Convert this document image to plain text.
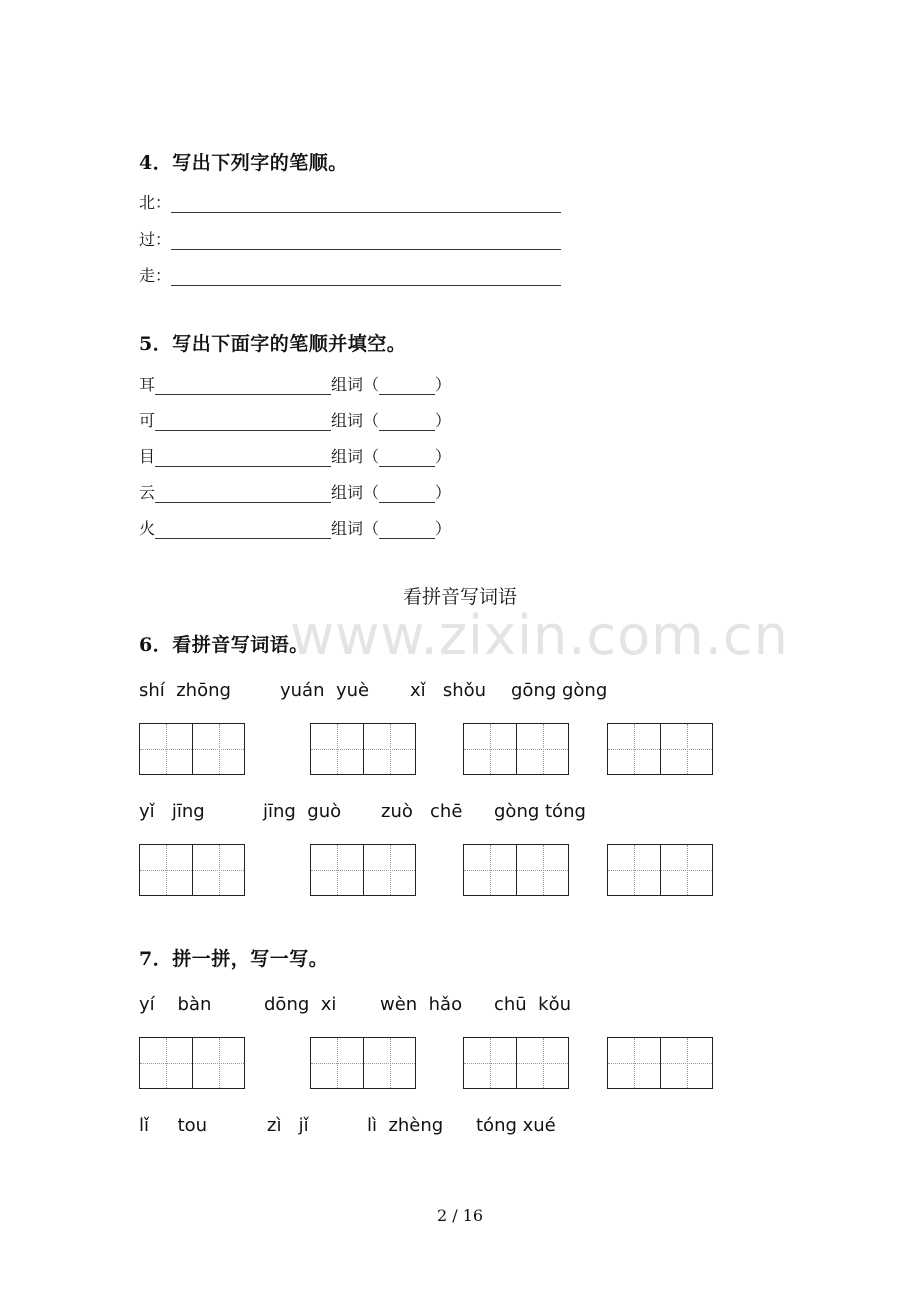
www.zixin.com.cn
4．写出下列字的笔顺。
北：
过：
走：
5．写出下面字的笔顺并填空。
耳	组词（	）
可	组词（	）
目	组词（	）
云	组词（	）
火	组词（	）
看拼音写词语
6．看拼音写词语。
shí  zhōng	yuán  yuè xǐ   shǒu gōng gòng
yǐ   jīng	jīng  guò zuò   chē gòng tóng
7．拼一拼，写一写。
yí    bàn	dōng  xi wèn  hǎo chū  kǒu
lǐ     tou	zì   jǐ	lì  zhèng tóng xué
2 / 16
